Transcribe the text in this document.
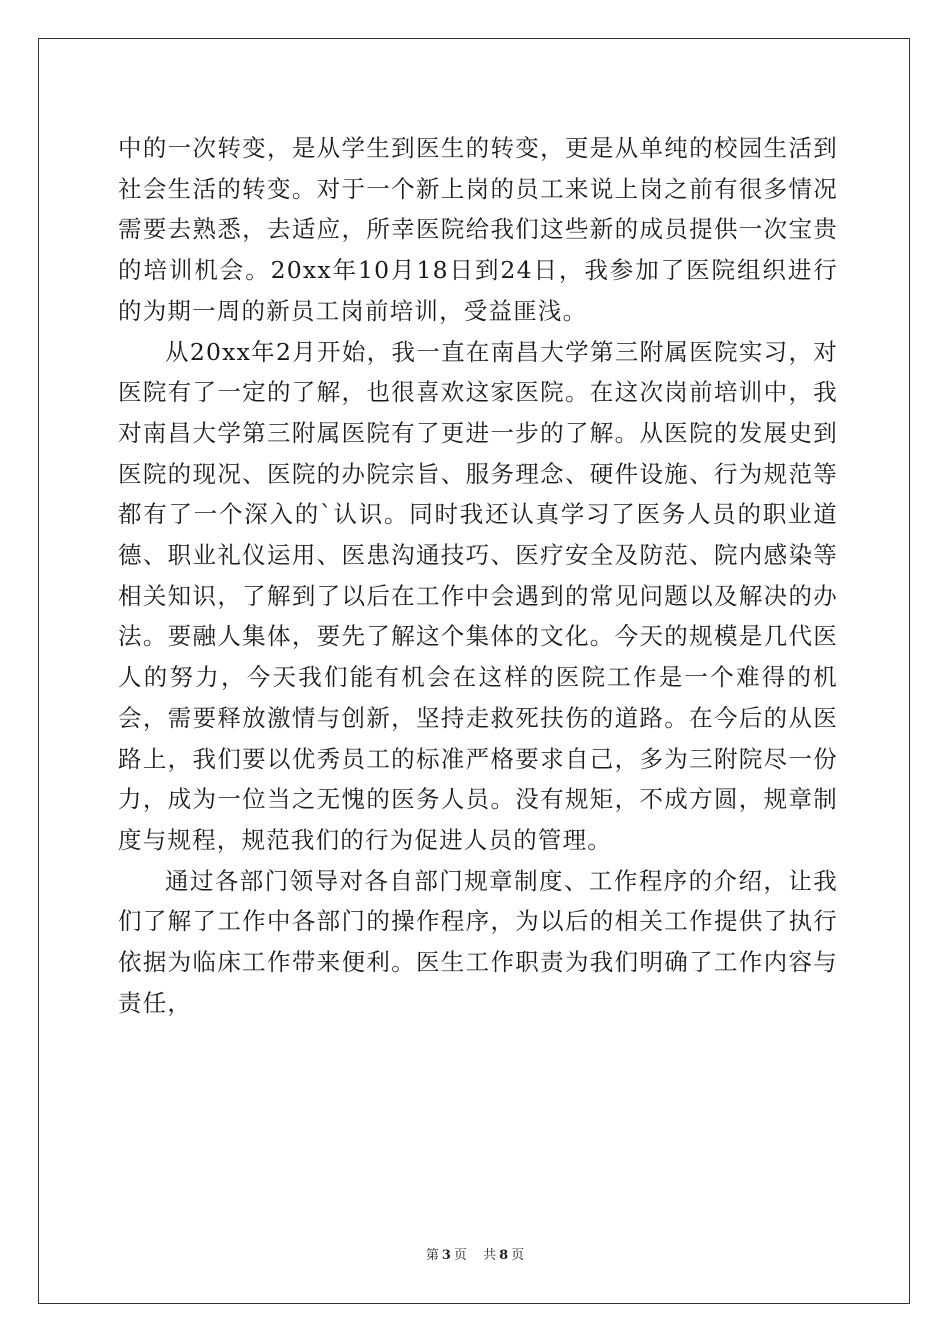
中的一次转变，是从学生到医生的转变，更是从单纯的校园生活到社会生活的转变。对于一个新上岗的员工来说上岗之前有很多情况需要去熟悉，去适应，所幸医院给我们这些新的成员提供一次宝贵的培训机会。20xx年10月18日到24日，我参加了医院组织进行的为期一周的新员工岗前培训，受益匪浅。

从20xx年2月开始，我一直在南昌大学第三附属医院实习，对医院有了一定的了解，也很喜欢这家医院。在这次岗前培训中，我对南昌大学第三附属医院有了更进一步的了解。从医院的发展史到医院的现况、医院的办院宗旨、服务理念、硬件设施、行为规范等都有了一个深入的`认识。同时我还认真学习了医务人员的职业道德、职业礼仪运用、医患沟通技巧、医疗安全及防范、院内感染等相关知识，了解到了以后在工作中会遇到的常见问题以及解决的办法。要融人集体，要先了解这个集体的文化。今天的规模是几代医人的努力，今天我们能有机会在这样的医院工作是一个难得的机会，需要释放激情与创新，坚持走救死扶伤的道路。在今后的从医路上，我们要以优秀员工的标准严格要求自己，多为三附院尽一份力，成为一位当之无愧的医务人员。没有规矩，不成方圆，规章制度与规程，规范我们的行为促进人员的管理。

通过各部门领导对各自部门规章制度、工作程序的介绍，让我们了解了工作中各部门的操作程序，为以后的相关工作提供了执行依据为临床工作带来便利。医生工作职责为我们明确了工作内容与责任，

第 3 页 共 8 页
